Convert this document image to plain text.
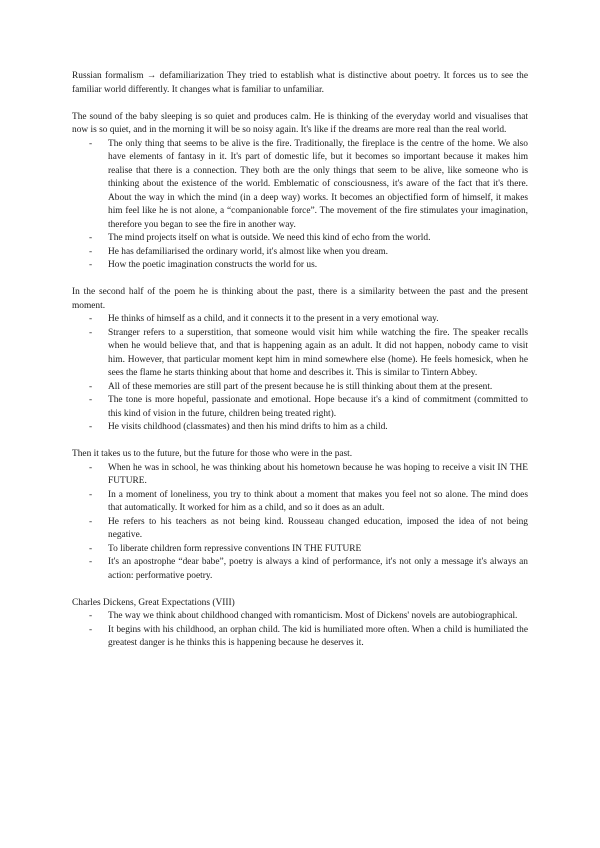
Russian formalism → defamiliarization They tried to establish what is distinctive about poetry. It forces us to see the familiar world differently. It changes what is familiar to unfamiliar.

The sound of the baby sleeping is so quiet and produces calm. He is thinking of the everyday world and visualises that now is so quiet, and in the morning it will be so noisy again. It's like if the dreams are more real than the real world.

- The only thing that seems to be alive is the fire. Traditionally, the fireplace is the centre of the home. We also have elements of fantasy in it. It's part of domestic life, but it becomes so important because it makes him realise that there is a connection. They both are the only things that seem to be alive, like someone who is thinking about the existence of the world. Emblematic of consciousness, it's aware of the fact that it's there. About the way in which the mind (in a deep way) works. It becomes an objectified form of himself, it makes him feel like he is not alone, a “companionable force”. The movement of the fire stimulates your imagination, therefore you began to see the fire in another way.
- The mind projects itself on what is outside. We need this kind of echo from the world.
- He has defamiliarised the ordinary world, it's almost like when you dream.
- How the poetic imagination constructs the world for us.

In the second half of the poem he is thinking about the past, there is a similarity between the past and the present moment.

- He thinks of himself as a child, and it connects it to the present in a very emotional way.
- Stranger refers to a superstition, that someone would visit him while watching the fire. The speaker recalls when he would believe that, and that is happening again as an adult. It did not happen, nobody came to visit him. However, that particular moment kept him in mind somewhere else (home). He feels homesick, when he sees the flame he starts thinking about that home and describes it. This is similar to Tintern Abbey.
- All of these memories are still part of the present because he is still thinking about them at the present.
- The tone is more hopeful, passionate and emotional. Hope because it's a kind of commitment (committed to this kind of vision in the future, children being treated right).
- He visits childhood (classmates) and then his mind drifts to him as a child.

Then it takes us to the future, but the future for those who were in the past.

- When he was in school, he was thinking about his hometown because he was hoping to receive a visit IN THE FUTURE.
- In a moment of loneliness, you try to think about a moment that makes you feel not so alone. The mind does that automatically. It worked for him as a child, and so it does as an adult.
- He refers to his teachers as not being kind. Rousseau changed education, imposed the idea of not being negative.
- To liberate children form repressive conventions IN THE FUTURE
- It's an apostrophe “dear babe”, poetry is always a kind of performance, it's not only a message it's always an action: performative poetry.

Charles Dickens, Great Expectations (VIII)

- The way we think about childhood changed with romanticism. Most of Dickens' novels are autobiographical.
- It begins with his childhood, an orphan child. The kid is humiliated more often. When a child is humiliated the greatest danger is he thinks this is happening because he deserves it.
